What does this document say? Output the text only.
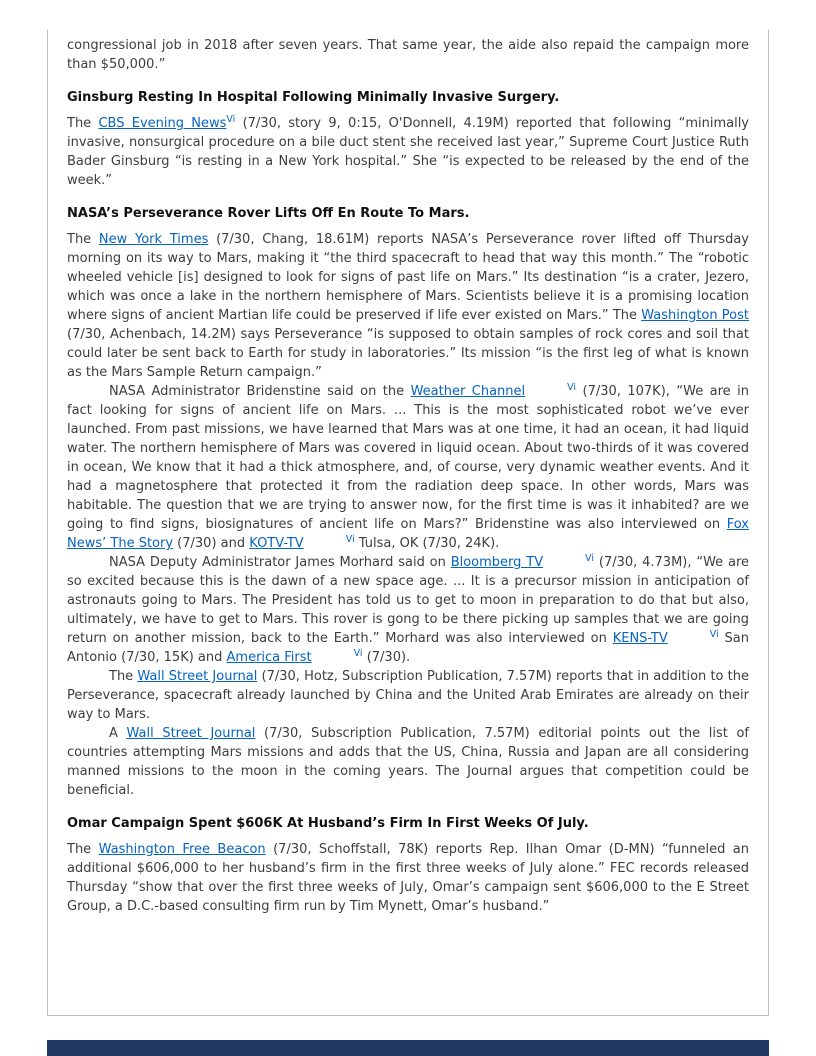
congressional job in 2018 after seven years. That same year, the aide also repaid the campaign more than $50,000.”

Ginsburg Resting In Hospital Following Minimally Invasive Surgery.

The CBS Evening News$^{Vi}$ (7/30, story 9, 0:15, O'Donnell, 4.19M) reported that following “minimally invasive, nonsurgical procedure on a bile duct stent she received last year,” Supreme Court Justice Ruth Bader Ginsburg “is resting in a New York hospital.” She “is expected to be released by the end of the week.”

NASA’s Perseverance Rover Lifts Off En Route To Mars.

The New York Times (7/30, Chang, 18.61M) reports NASA’s Perseverance rover lifted off Thursday morning on its way to Mars, making it “the third spacecraft to head that way this month.” The “robotic wheeled vehicle [is] designed to look for signs of past life on Mars.” Its destination “is a crater, Jezero, which was once a lake in the northern hemisphere of Mars. Scientists believe it is a promising location where signs of ancient Martian life could be preserved if life ever existed on Mars.” The Washington Post (7/30, Achenbach, 14.2M) says Perseverance “is supposed to obtain samples of rock cores and soil that could later be sent back to Earth for study in laboratories.” Its mission “is the first leg of what is known as the Mars Sample Return campaign.”

NASA Administrator Bridenstine said on the Weather Channel	$^{Vi}$ (7/30, 107K), “We are in fact looking for signs of ancient life on Mars. ... This is the most sophisticated robot we’ve ever launched. From past missions, we have learned that Mars was at one time, it had an ocean, it had liquid water. The northern hemisphere of Mars was covered in liquid ocean. About two-thirds of it was covered in ocean, We know that it had a thick atmosphere, and, of course, very dynamic weather events. And it had a magnetosphere that protected it from the radiation deep space. In other words, Mars was habitable. The question that we are trying to answer now, for the first time is was it inhabited? are we going to find signs, biosignatures of ancient life on Mars?” Bridenstine was also interviewed on Fox News’ The Story (7/30) and KOTV-TV	$^{Vi}$ Tulsa, OK (7/30, 24K).

NASA Deputy Administrator James Morhard said on Bloomberg TV	$^{Vi}$ (7/30, 4.73M), “We are so excited because this is the dawn of a new space age. ... It is a precursor mission in anticipation of astronauts going to Mars. The President has told us to get to moon in preparation to do that but also, ultimately, we have to get to Mars. This rover is gong to be there picking up samples that we are going return on another mission, back to the Earth.” Morhard was also interviewed on KENS-TV	$^{Vi}$ San Antonio (7/30, 15K) and America First	$^{Vi}$ (7/30).

The Wall Street Journal (7/30, Hotz, Subscription Publication, 7.57M) reports that in addition to the Perseverance, spacecraft already launched by China and the United Arab Emirates are already on their way to Mars.

A Wall Street Journal (7/30, Subscription Publication, 7.57M) editorial points out the list of countries attempting Mars missions and adds that the US, China, Russia and Japan are all considering manned missions to the moon in the coming years. The Journal argues that competition could be beneficial.

Omar Campaign Spent $606K At Husband’s Firm In First Weeks Of July.

The Washington Free Beacon (7/30, Schoffstall, 78K) reports Rep. Ilhan Omar (D-MN) “funneled an additional $606,000 to her husband’s firm in the first three weeks of July alone.” FEC records released Thursday “show that over the first three weeks of July, Omar’s campaign sent $606,000 to the E Street Group, a D.C.-based consulting firm run by Tim Mynett, Omar’s husband.”
